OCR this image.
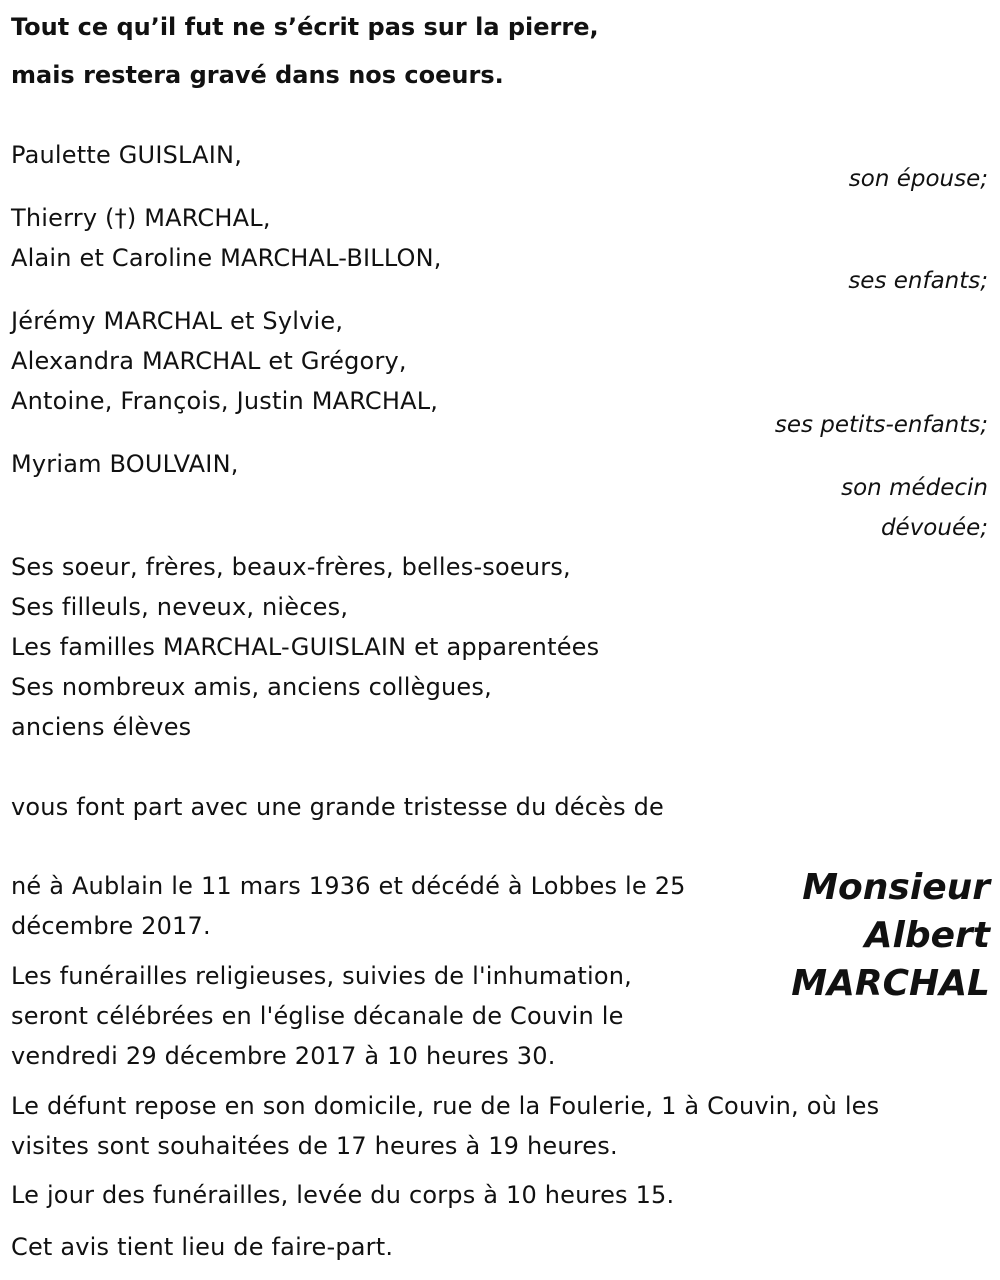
Tout ce qu’il fut ne s’écrit pas sur la pierre,
mais restera gravé dans nos coeurs.
Paulette GUISLAIN,
son épouse;
Thierry (†) MARCHAL,
Alain et Caroline MARCHAL-BILLON,
ses enfants;
Jérémy MARCHAL et Sylvie,
Alexandra MARCHAL et Grégory,
Antoine, François, Justin MARCHAL,
ses petits-enfants;
Myriam BOULVAIN,
son médecin
dévouée;
Ses soeur, frères, beaux-frères, belles-soeurs,
Ses filleuls, neveux, nièces,
Les familles MARCHAL-GUISLAIN et apparentées
Ses nombreux amis, anciens collègues,
anciens élèves
vous font part avec une grande tristesse du décès de
Monsieur
Albert
MARCHAL
né à Aublain le 11 mars 1936 et décédé à Lobbes le 25
décembre 2017.
Les funérailles religieuses, suivies de l'inhumation,
seront célébrées en l'église décanale de Couvin le
vendredi 29 décembre 2017 à 10 heures 30.
Le défunt repose en son domicile, rue de la Foulerie, 1 à Couvin, où les
visites sont souhaitées de 17 heures à 19 heures.
Le jour des funérailles, levée du corps à 10 heures 15.
Cet avis tient lieu de faire-part.
